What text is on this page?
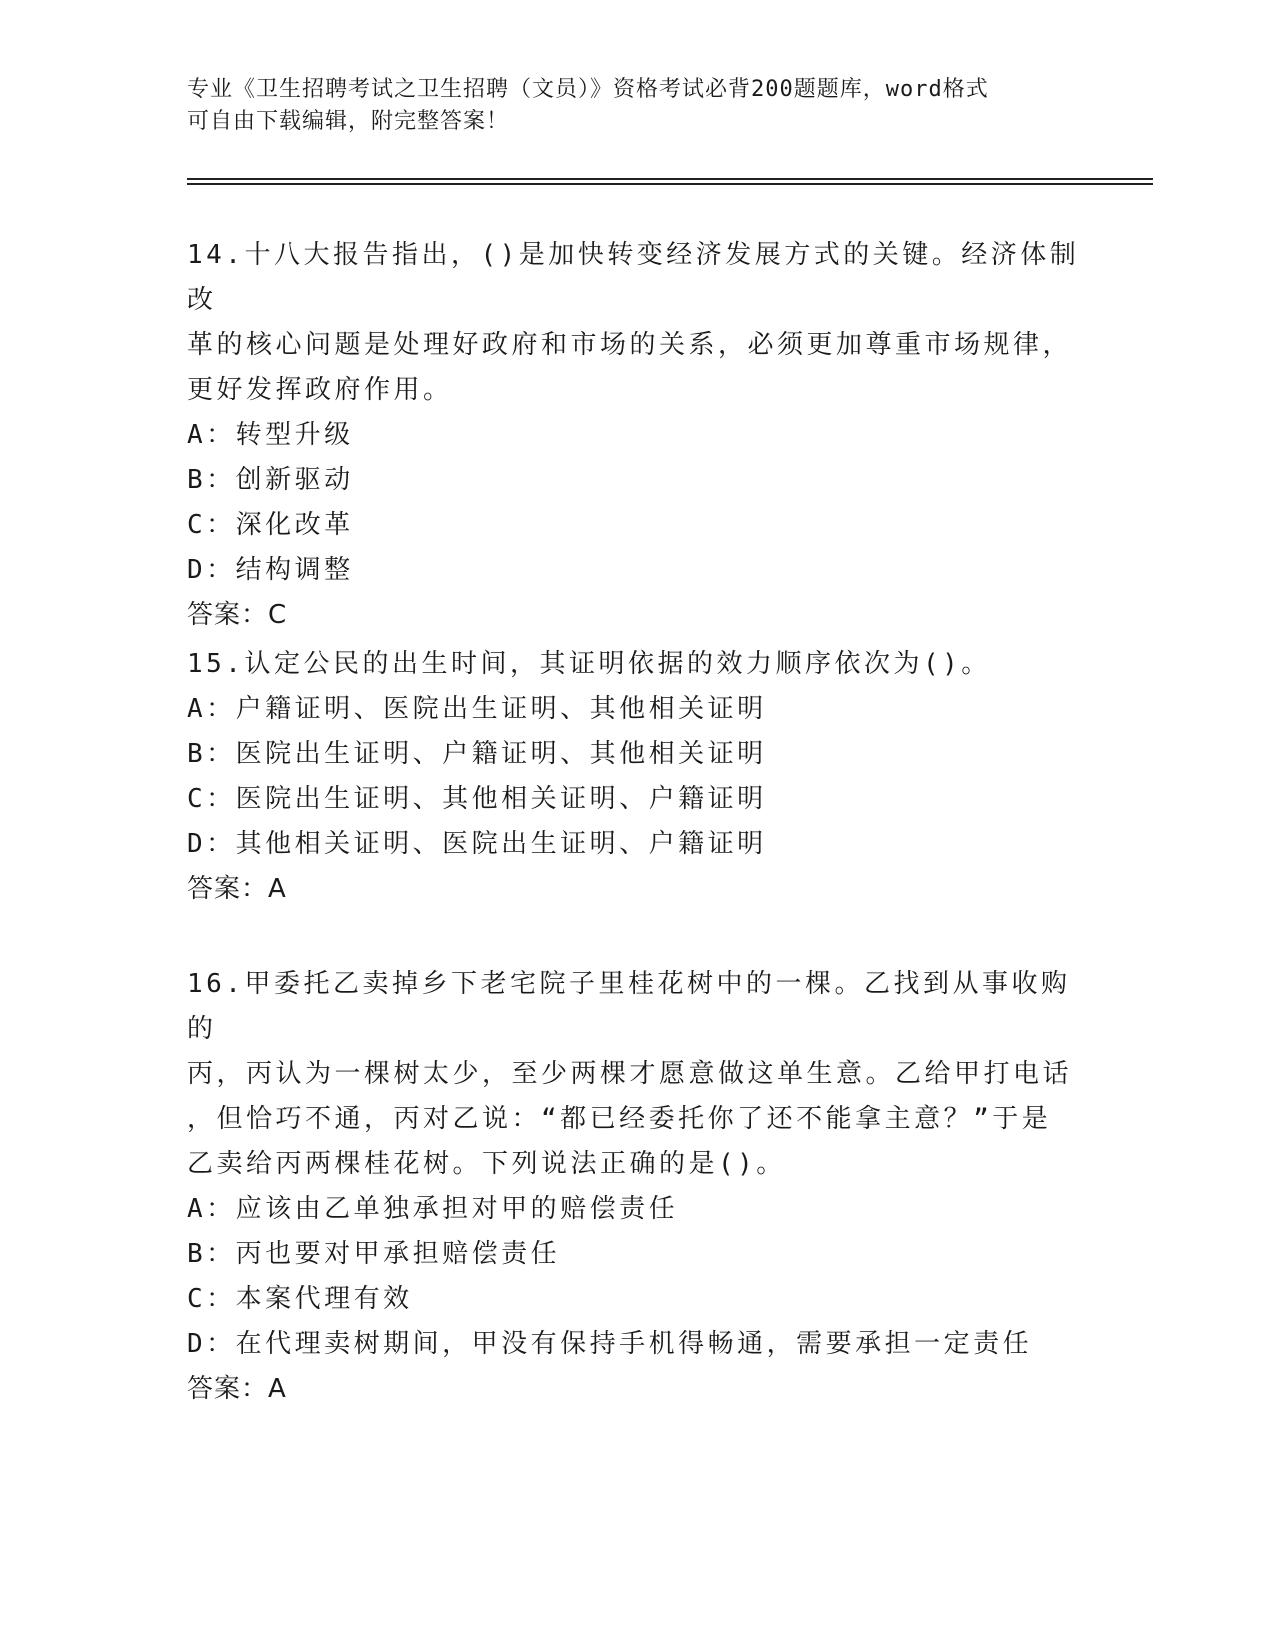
专业《卫生招聘考试之卫生招聘（文员）》资格考试必背200题题库，word格式
可自由下载编辑，附完整答案！

14.十八大报告指出，()是加快转变经济发展方式的关键。经济体制改

革的核心问题是处理好政府和市场的关系，必须更加尊重市场规律，

更好发挥政府作用。

A：转型升级

B：创新驱动

C：深化改革

D：结构调整

答案：C

15.认定公民的出生时间，其证明依据的效力顺序依次为()。

A：户籍证明、医院出生证明、其他相关证明

B：医院出生证明、户籍证明、其他相关证明

C：医院出生证明、其他相关证明、户籍证明

D：其他相关证明、医院出生证明、户籍证明

答案：A

16.甲委托乙卖掉乡下老宅院子里桂花树中的一棵。乙找到从事收购的

丙，丙认为一棵树太少，至少两棵才愿意做这单生意。乙给甲打电话

，但恰巧不通，丙对乙说：“都已经委托你了还不能拿主意？”于是

乙卖给丙两棵桂花树。下列说法正确的是()。

A：应该由乙单独承担对甲的赔偿责任

B：丙也要对甲承担赔偿责任

C：本案代理有效

D：在代理卖树期间，甲没有保持手机得畅通，需要承担一定责任

答案：A
